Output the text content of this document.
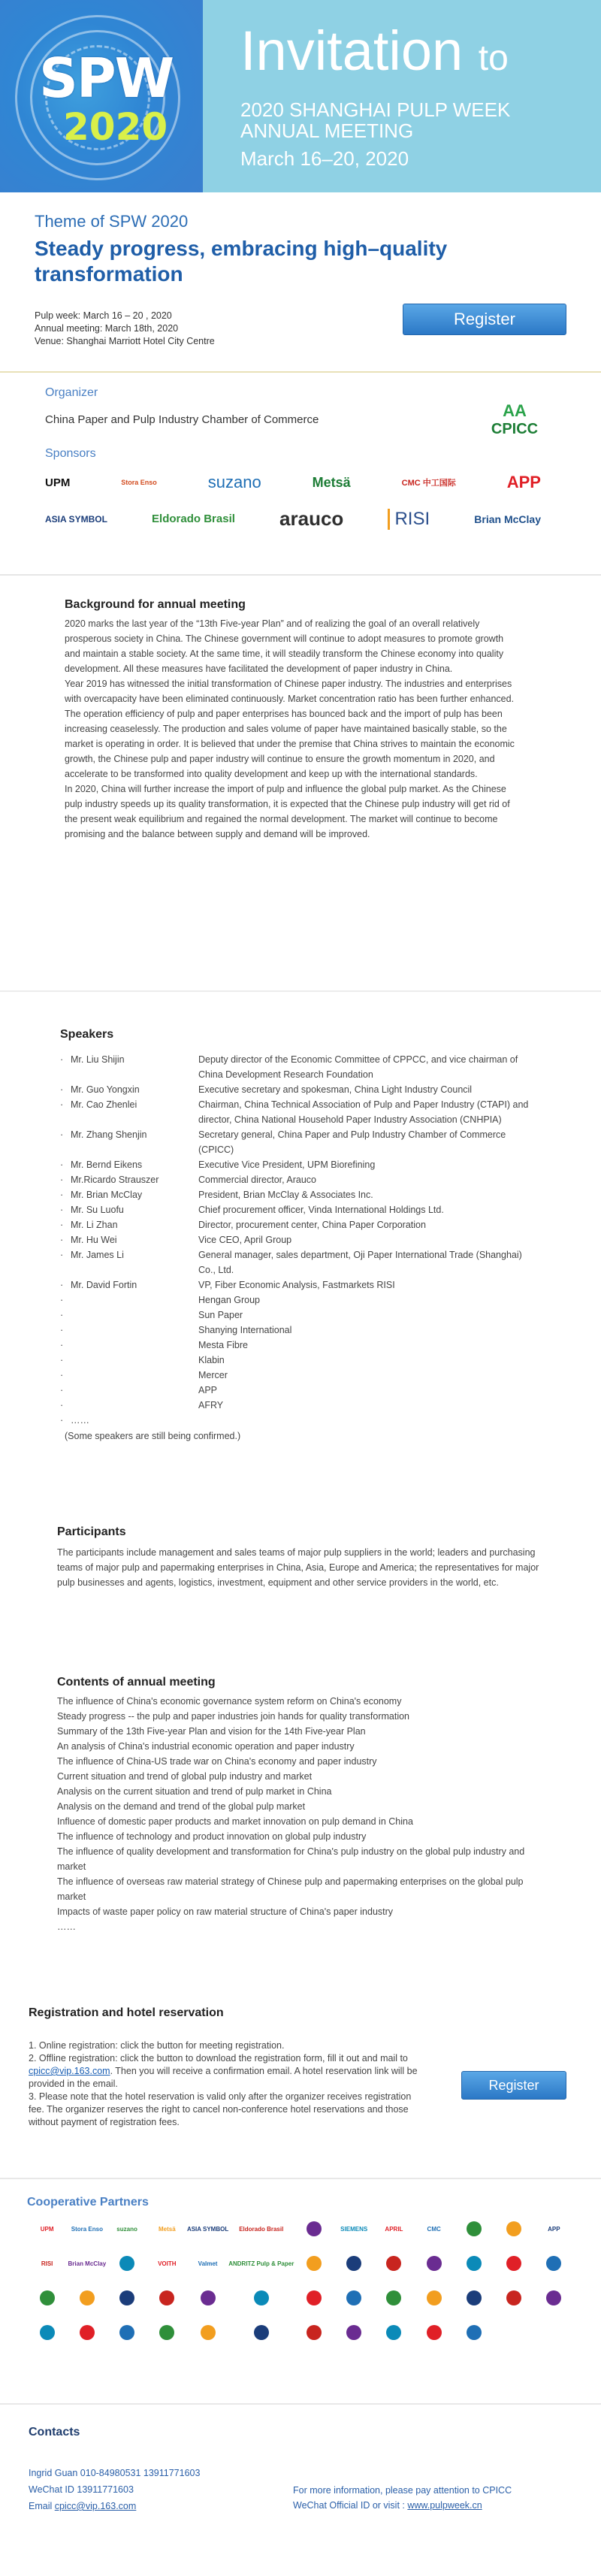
SPW
2020
Invitation to
2020 SHANGHAI PULP WEEK
ANNUAL MEETING
March 16–20, 2020
Theme of SPW 2020
Steady progress, embracing high–quality transformation
Pulp week: March 16 – 20 , 2020
Annual meeting: March 18th, 2020
Venue: Shanghai Marriott Hotel City Centre
Register
Organizer
China Paper and Pulp Industry Chamber of Commerce	AA
CPICC
Sponsors
UPM	Stora Enso	suzano	Metsä	CMC 中工国际	APP
ASIA SYMBOL	Eldorado Brasil arauco	RISI	Brian McClay
Background for annual meeting

2020 marks the last year of the “13th Five-year Plan” and of realizing the goal of an overall relatively prosperous society in China. The Chinese government will continue to adopt measures to promote growth and maintain a stable society. At the same time, it will steadily transform the Chinese economy into quality development. All these measures have facilitated the development of paper industry in China.

Year 2019 has witnessed the initial transformation of Chinese paper industry. The industries and enterprises with overcapacity have been eliminated continuously. Market concentration ratio has been further enhanced. The operation efficiency of pulp and paper enterprises has bounced back and the import of pulp has been increasing ceaselessly. The production and sales volume of paper have maintained basically stable, so the market is operating in order. It is believed that under the premise that China strives to maintain the economic growth, the Chinese pulp and paper industry will continue to ensure the growth momentum in 2020, and accelerate to be transformed into quality development and keep up with the international standards.

In 2020, China will further increase the import of pulp and influence the global pulp market. As the Chinese pulp industry speeds up its quality transformation, it is expected that the Chinese pulp industry will get rid of the present weak equilibrium and regained the normal development. The market will continue to become promising and the balance between supply and demand will be improved.

Speakers
· Mr. Liu Shijin	Deputy director of the Economic Committee of CPPCC, and vice chairman of China Development Research Foundation
· Mr. Guo Yongxin	Executive secretary and spokesman, China Light Industry Council
· Mr. Cao Zhenlei	Chairman, China Technical Association of Pulp and Paper Industry (CTAPI) and director, China National Household Paper Industry Association (CNHPIA)
· Mr. Zhang Shenjin	Secretary general, China Paper and Pulp Industry Chamber of Commerce (CPICC)
· Mr. Bernd Eikens	Executive Vice President, UPM Biorefining
· Mr.Ricardo Strauszer	Commercial director, Arauco
· Mr. Brian McClay	President, Brian McClay & Associates Inc.
· Mr. Su Luofu	Chief procurement officer, Vinda International Holdings Ltd.
· Mr. Li Zhan	Director, procurement center, China Paper Corporation
· Mr. Hu Wei	Vice CEO, April Group
· Mr. James Li	General manager, sales department, Oji Paper International Trade (Shanghai) Co., Ltd.
· Mr. David Fortin	VP, Fiber Economic Analysis, Fastmarkets RISI
·	Hengan Group
·	Sun Paper
·	Shanying International
·	Mesta Fibre
·	Klabin
·	Mercer
·	APP
·	AFRY
· ……
(Some speakers are still being confirmed.)
Participants
The participants include management and sales teams of major pulp suppliers in the world; leaders and purchasing teams of major pulp and papermaking enterprises in China, Asia, Europe and America; the representatives for major pulp businesses and agents, logistics, investment, equipment and other service providers in the world, etc.
Contents of annual meeting
The influence of China's economic governance system reform on China's economy
Steady progress -- the pulp and paper industries join hands for quality transformation
Summary of the 13th Five-year Plan and vision for the 14th Five-year Plan
An analysis of China's industrial economic operation and paper industry
The influence of China-US trade war on China's economy and paper industry
Current situation and trend of global pulp industry and market
Analysis on the current situation and trend of pulp market in China
Analysis on the demand and trend of the global pulp market
Influence of domestic paper products and market innovation on pulp demand in China
The influence of technology and product innovation on global pulp industry
The influence of quality development and transformation for China's pulp industry on the global pulp industry and market
The influence of overseas raw material strategy of Chinese pulp and papermaking enterprises on the global pulp market
Impacts of waste paper policy on raw material structure of China's paper industry
……
Registration and hotel reservation
1. Online registration: click the button for meeting registration.
2. Offline registration: click the button to download the registration form, fill it out and mail to cpicc@vip.163.com. Then you will receive a confirmation email. A hotel reservation link will be provided in the email.
3. Please note that the hotel reservation is valid only after the organizer receives registration fee. The organizer reserves the right to cancel non-conference hotel reservations and those without payment of registration fees.
Register
Cooperative Partners
UPM	Stora Enso	suzano	Metsä	ASIA SYMBOL	Eldorado Brasil	SIEMENS	APRIL	CMC	APP
RISI	Brian McClay	VOITH	Valmet	ANDRITZ Pulp & Paper
Contacts
Ingrid Guan 010-84980531 13911771603
WeChat ID 13911771603
Email cpicc@vip.163.com
For more information, please pay attention to CPICC
WeChat Official ID or visit : www.pulpweek.cn
